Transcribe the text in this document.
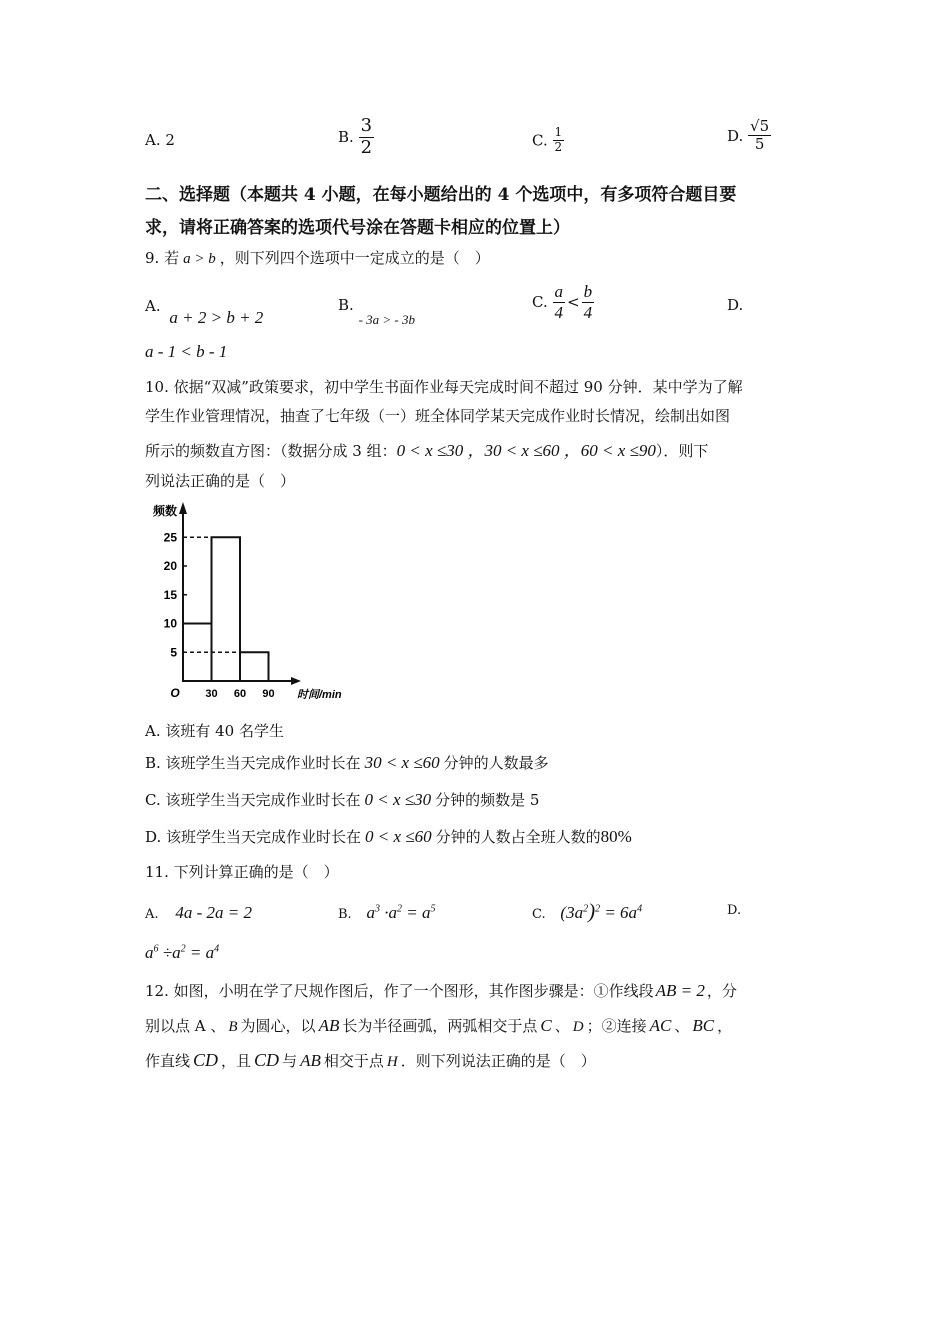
A. 2	B. $\frac{3}{2}$	C. $\frac{1}{2}$	D. $\frac{√5}{5}$
二、选择题（本题共 4 小题，在每小题给出的 4 个选项中，有多项符合题目要
求，请将正确答案的选项代号涂在答题卡相应的位置上）
9. 若 a > b ，则下列四个选项中一定成立的是（　）
A. a + 2 > b + 2
B. - 3a > - 3b
C. $\frac{a}{4} < \frac{b}{4}$	D.
a - 1 < b - 1
10. 依据“双减”政策要求，初中学生书面作业每天完成时间不超过 90 分钟．某中学为了解
学生作业管理情况，抽查了七年级（一）班全体同学某天完成作业时长情况，绘制出如图
所示的频数直方图：（数据分成 3 组：0 < x ≤30 ，30 < x ≤60 ，60 < x ≤90）．则下
列说法正确的是（　）
频数
时间/min
O
5
10
15
20
25
30 60 90
A. 该班有 40 名学生
B. 该班学生当天完成作业时长在 30 < x ≤60 分钟的人数最多
C. 该班学生当天完成作业时长在 0 < x ≤30 分钟的频数是 5
D. 该班学生当天完成作业时长在 0 < x ≤60 分钟的人数占全班人数的80%
11. 下列计算正确的是（　）
A. 4a - 2a = 2	B. $a^3 \cdot a^2 = a^5$	C. $(3a^2)^2 = 6a^4$	D.
$a^6 \div a^2 = a^4$
12. 如图，小明在学了尺规作图后，作了一个图形，其作图步骤是：①作线段 AB = 2 ，分
别以点 A 、 B 为圆心，以 AB 长为半径画弧，两弧相交于点 C 、 D ；②连接 AC 、 BC ，
作直线 CD ，且 CD 与 AB 相交于点 H ．则下列说法正确的是（　）
